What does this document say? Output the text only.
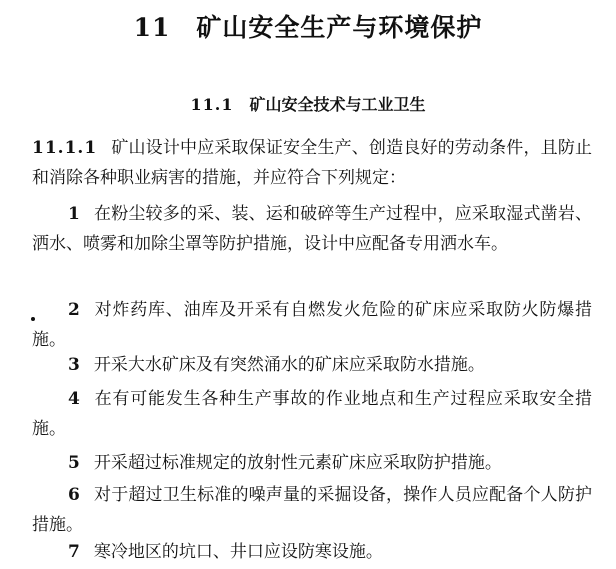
11 矿山安全生产与环境保护
11.1 矿山安全技术与工业卫生
11.1.1 矿山设计中应采取保证安全生产、创造良好的劳动条件，且防止和消除各种职业病害的措施，并应符合下列规定：
1 在粉尘较多的采、装、运和破碎等生产过程中，应采取湿式凿岩、洒水、喷雾和加除尘罩等防护措施，设计中应配备专用洒水车。
2 对炸药库、油库及开采有自燃发火危险的矿床应采取防火防爆措施。
3 开采大水矿床及有突然涌水的矿床应采取防水措施。
4 在有可能发生各种生产事故的作业地点和生产过程应采取安全措施。
5 开采超过标准规定的放射性元素矿床应采取防护措施。
6 对于超过卫生标准的噪声量的采掘设备，操作人员应配备个人防护措施。
7 寒冷地区的坑口、井口应设防寒设施。
